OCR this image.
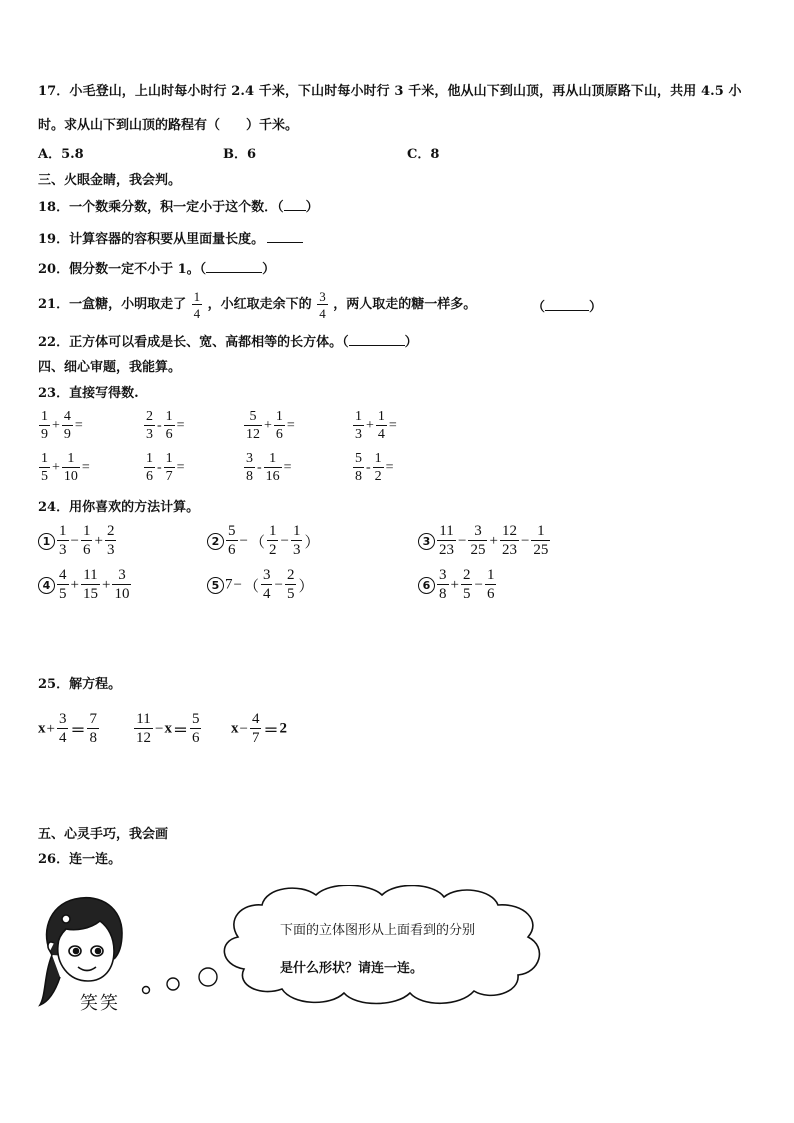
17．小毛登山，上山时每小时行 2.4 千米，下山时每小时行 3 千米，他从山下到山顶，再从山顶原路下山，共用 4.5 小
时。求从山下到山顶的路程有（　　）千米。
A．5.8	B．6	C．8
三、火眼金睛，我会判。
18．一个数乘分数，积一定小于这个数．（ ）
19．计算容器的容积要从里面量长度。
20．假分数一定不小于 1。（	）
21．一盒糖，小明取走了 $\frac{1}{4}$ ，小红取走余下的 $\frac{3}{4}$ ，两人取走的糖一样多。	（	）
22．正方体可以看成是长、宽、高都相等的长方体。（	）
四、细心审题，我能算。
23．直接写得数.
$\frac{1}{9} + \frac{4}{9}$ =	$\frac{2}{3} - \frac{1}{6}$ =	$\frac{5}{12} + \frac{1}{6}$ =	$\frac{1}{3} + \frac{1}{4}$ =
$\frac{1}{5} + \frac{1}{10}$ =	$\frac{1}{6} - \frac{1}{7}$ =	$\frac{3}{8} - \frac{1}{16}$ =	$\frac{5}{8} - \frac{1}{2}$ =
24．用你喜欢的方法计算。
$1 \frac{1}{3} - \frac{1}{6} + \frac{2}{3}$	$2 \frac{5}{6}$ − （ $\frac{1}{2} - \frac{1}{3}$ ）	$3 \frac{11}{23} - \frac{3}{25} + \frac{12}{23} - \frac{1}{25}$
$4 \frac{4}{5} + \frac{11}{15} + \frac{3}{10}$	5 7− （ $\frac{3}{4} - \frac{2}{5}$ ）	$6 \frac{3}{8} + \frac{2}{5} - \frac{1}{6}$
25．解方程。
$x+ \frac{3}{4} = \frac{7}{8} \frac{11}{12} -x= \frac{5}{6} x- \frac{4}{7} =2$
五、心灵手巧，我会画
26．连一连。
笑笑
下面的立体图形从上面看到的分别
是什么形状？请连一连。
